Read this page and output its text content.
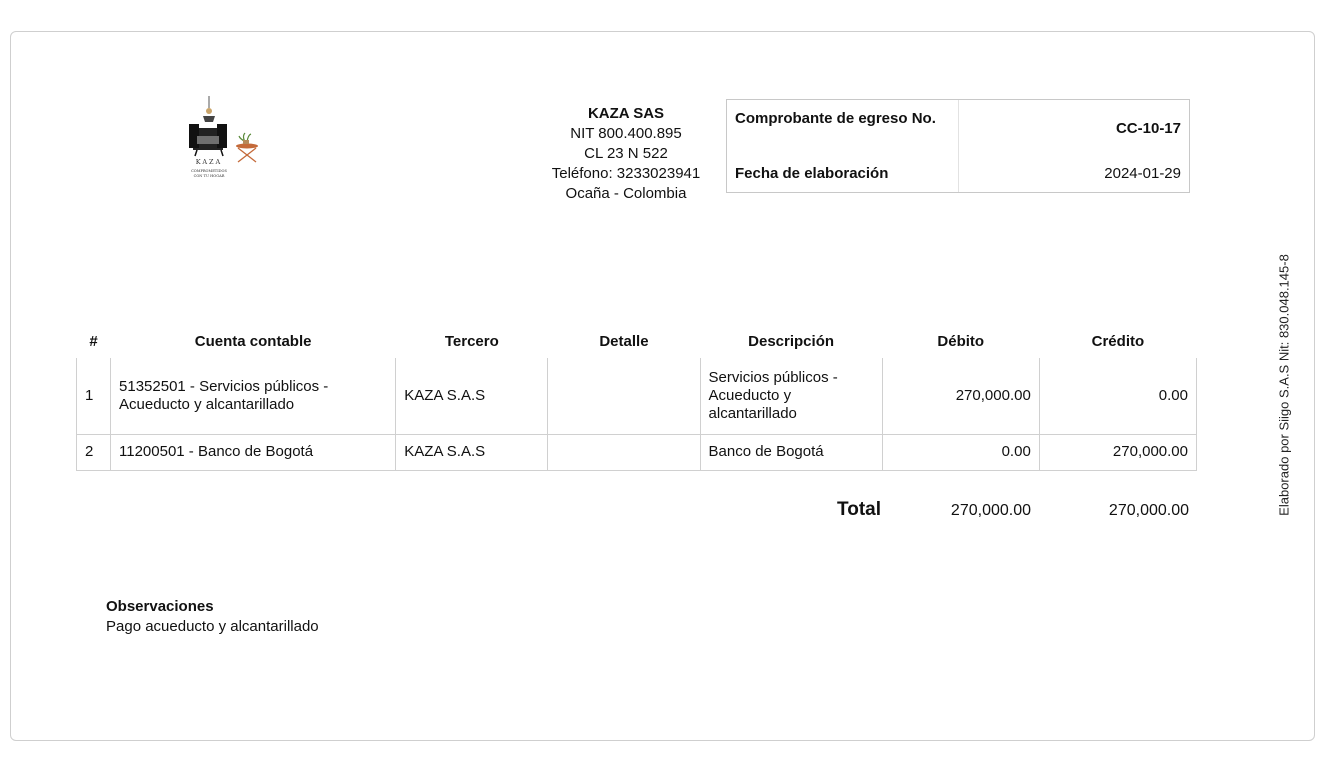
KAZA
COMPROMETIDOS
CON TU HOGAR
KAZA SAS
NIT 800.400.895
CL 23 N 522
Teléfono: 3233023941
Ocaña - Colombia
Comprobante de egreso No.
CC-10-17
Fecha de elaboración	2024-01-29
#	Cuenta contable	Tercero	Detalle	Descripción	Débito	Crédito
1	51352501 - Servicios públicos - Acueducto y alcantarillado	KAZA S.A.S		Servicios públicos - Acueducto y alcantarillado	270,000.00	0.00
2	11200501 - Banco de Bogotá	KAZA S.A.S		Banco de Bogotá	0.00	270,000.00
Total	270,000.00	270,000.00
Observaciones
Pago acueducto y alcantarillado
Elaborado por Siigo S.A.S Nit: 830.048.145-8
